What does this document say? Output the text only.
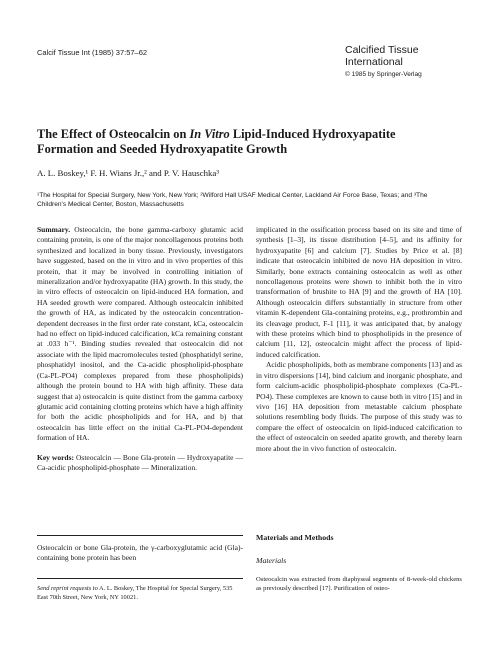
Calcif Tissue Int (1985) 37:57–62	Calcified Tissue
International
© 1985 by Springer-Verlag
The Effect of Osteocalcin on In Vitro Lipid-Induced Hydroxyapatite Formation and Seeded Hydroxyapatite Growth
A. L. Boskey,¹ F. H. Wians Jr.,² and P. V. Hauschka³
¹The Hospital for Special Surgery, New York, New York; ²Wilford Hall USAF Medical Center, Lackland Air Force Base, Texas; and ³The Children's Medical Center, Boston, Massachusetts

Summary. Osteocalcin, the bone gamma-carboxy glutamic acid containing protein, is one of the major noncollagenous proteins both synthesized and localized in bony tissue. Previously, investigators have suggested, based on the in vitro and in vivo properties of this protein, that it may be involved in controlling initiation of mineralization and/or hydroxyapatite (HA) growth. In this study, the in vitro effects of osteocalcin on lipid-induced HA formation, and HA seeded growth were compared. Although osteocalcin inhibited the growth of HA, as indicated by the osteocalcin concentration-dependent decreases in the first order rate constant, kCa, osteocalcin had no effect on lipid-induced calcification, kCa remaining constant at .033 h⁻¹. Binding studies revealed that osteocalcin did not associate with the lipid macromolecules tested (phosphatidyl serine, phosphatidyl inositol, and the Ca-acidic phospholipid-phosphate (Ca-PL-PO4) complexes prepared from these phospholipids) although the protein bound to HA with high affinity. These data suggest that a) osteocalcin is quite distinct from the gamma carboxy glutamic acid containing clotting proteins which have a high affinity for both the acidic phospholipids and for HA, and b) that osteocalcin has little effect on the initial Ca-PL-PO4-dependent formation of HA.

Key words: Osteocalcin — Bone Gla-protein — Hydroxyapatite — Ca-acidic phospholipid-phosphate — Mineralization.

Osteocalcin or bone Gla-protein, the γ-carboxyglutamic acid (Gla)-containing bone protein has been
Send reprint requests to A. L. Boskey, The Hospital for Special Surgery, 535 East 70th Street, New York, NY 10021.

implicated in the ossification process based on its site and time of synthesis [1–3], its tissue distribution [4–5], and its affinity for hydroxyapatite [6] and calcium [7]. Studies by Price et al. [8] indicate that osteocalcin inhibited de novo HA deposition in vitro. Similarly, bone extracts containing osteocalcin as well as other noncollagenous proteins were shown to inhibit both the in vitro transformation of brushite to HA [9] and the growth of HA [10]. Although osteocalcin differs substantially in structure from other vitamin K-dependent Gla-containing proteins, e.g., prothrombin and its cleavage product, F-1 [11], it was anticipated that, by analogy with these proteins which bind to phospholipids in the presence of calcium [11, 12], osteocalcin might affect the process of lipid-induced calcification.

Acidic phospholipids, both as membrane components [13] and as in vitro dispersions [14], bind calcium and inorganic phosphate, and form calcium-acidic phospholipid-phosphate complexes (Ca-PL-PO4). These complexes are known to cause both in vitro [15] and in vivo [16] HA deposition from metastable calcium phosphate solutions resembling body fluids. The purpose of this study was to compare the effect of osteocalcin on lipid-induced calcification to the effect of osteocalcin on seeded apatite growth, and thereby learn more about the in vivo function of osteocalcin.

Materials and Methods
Materials
Osteocalcin was extracted from diaphyseal segments of 8-week-old chickens as previously described [17]. Purification of osteo-
